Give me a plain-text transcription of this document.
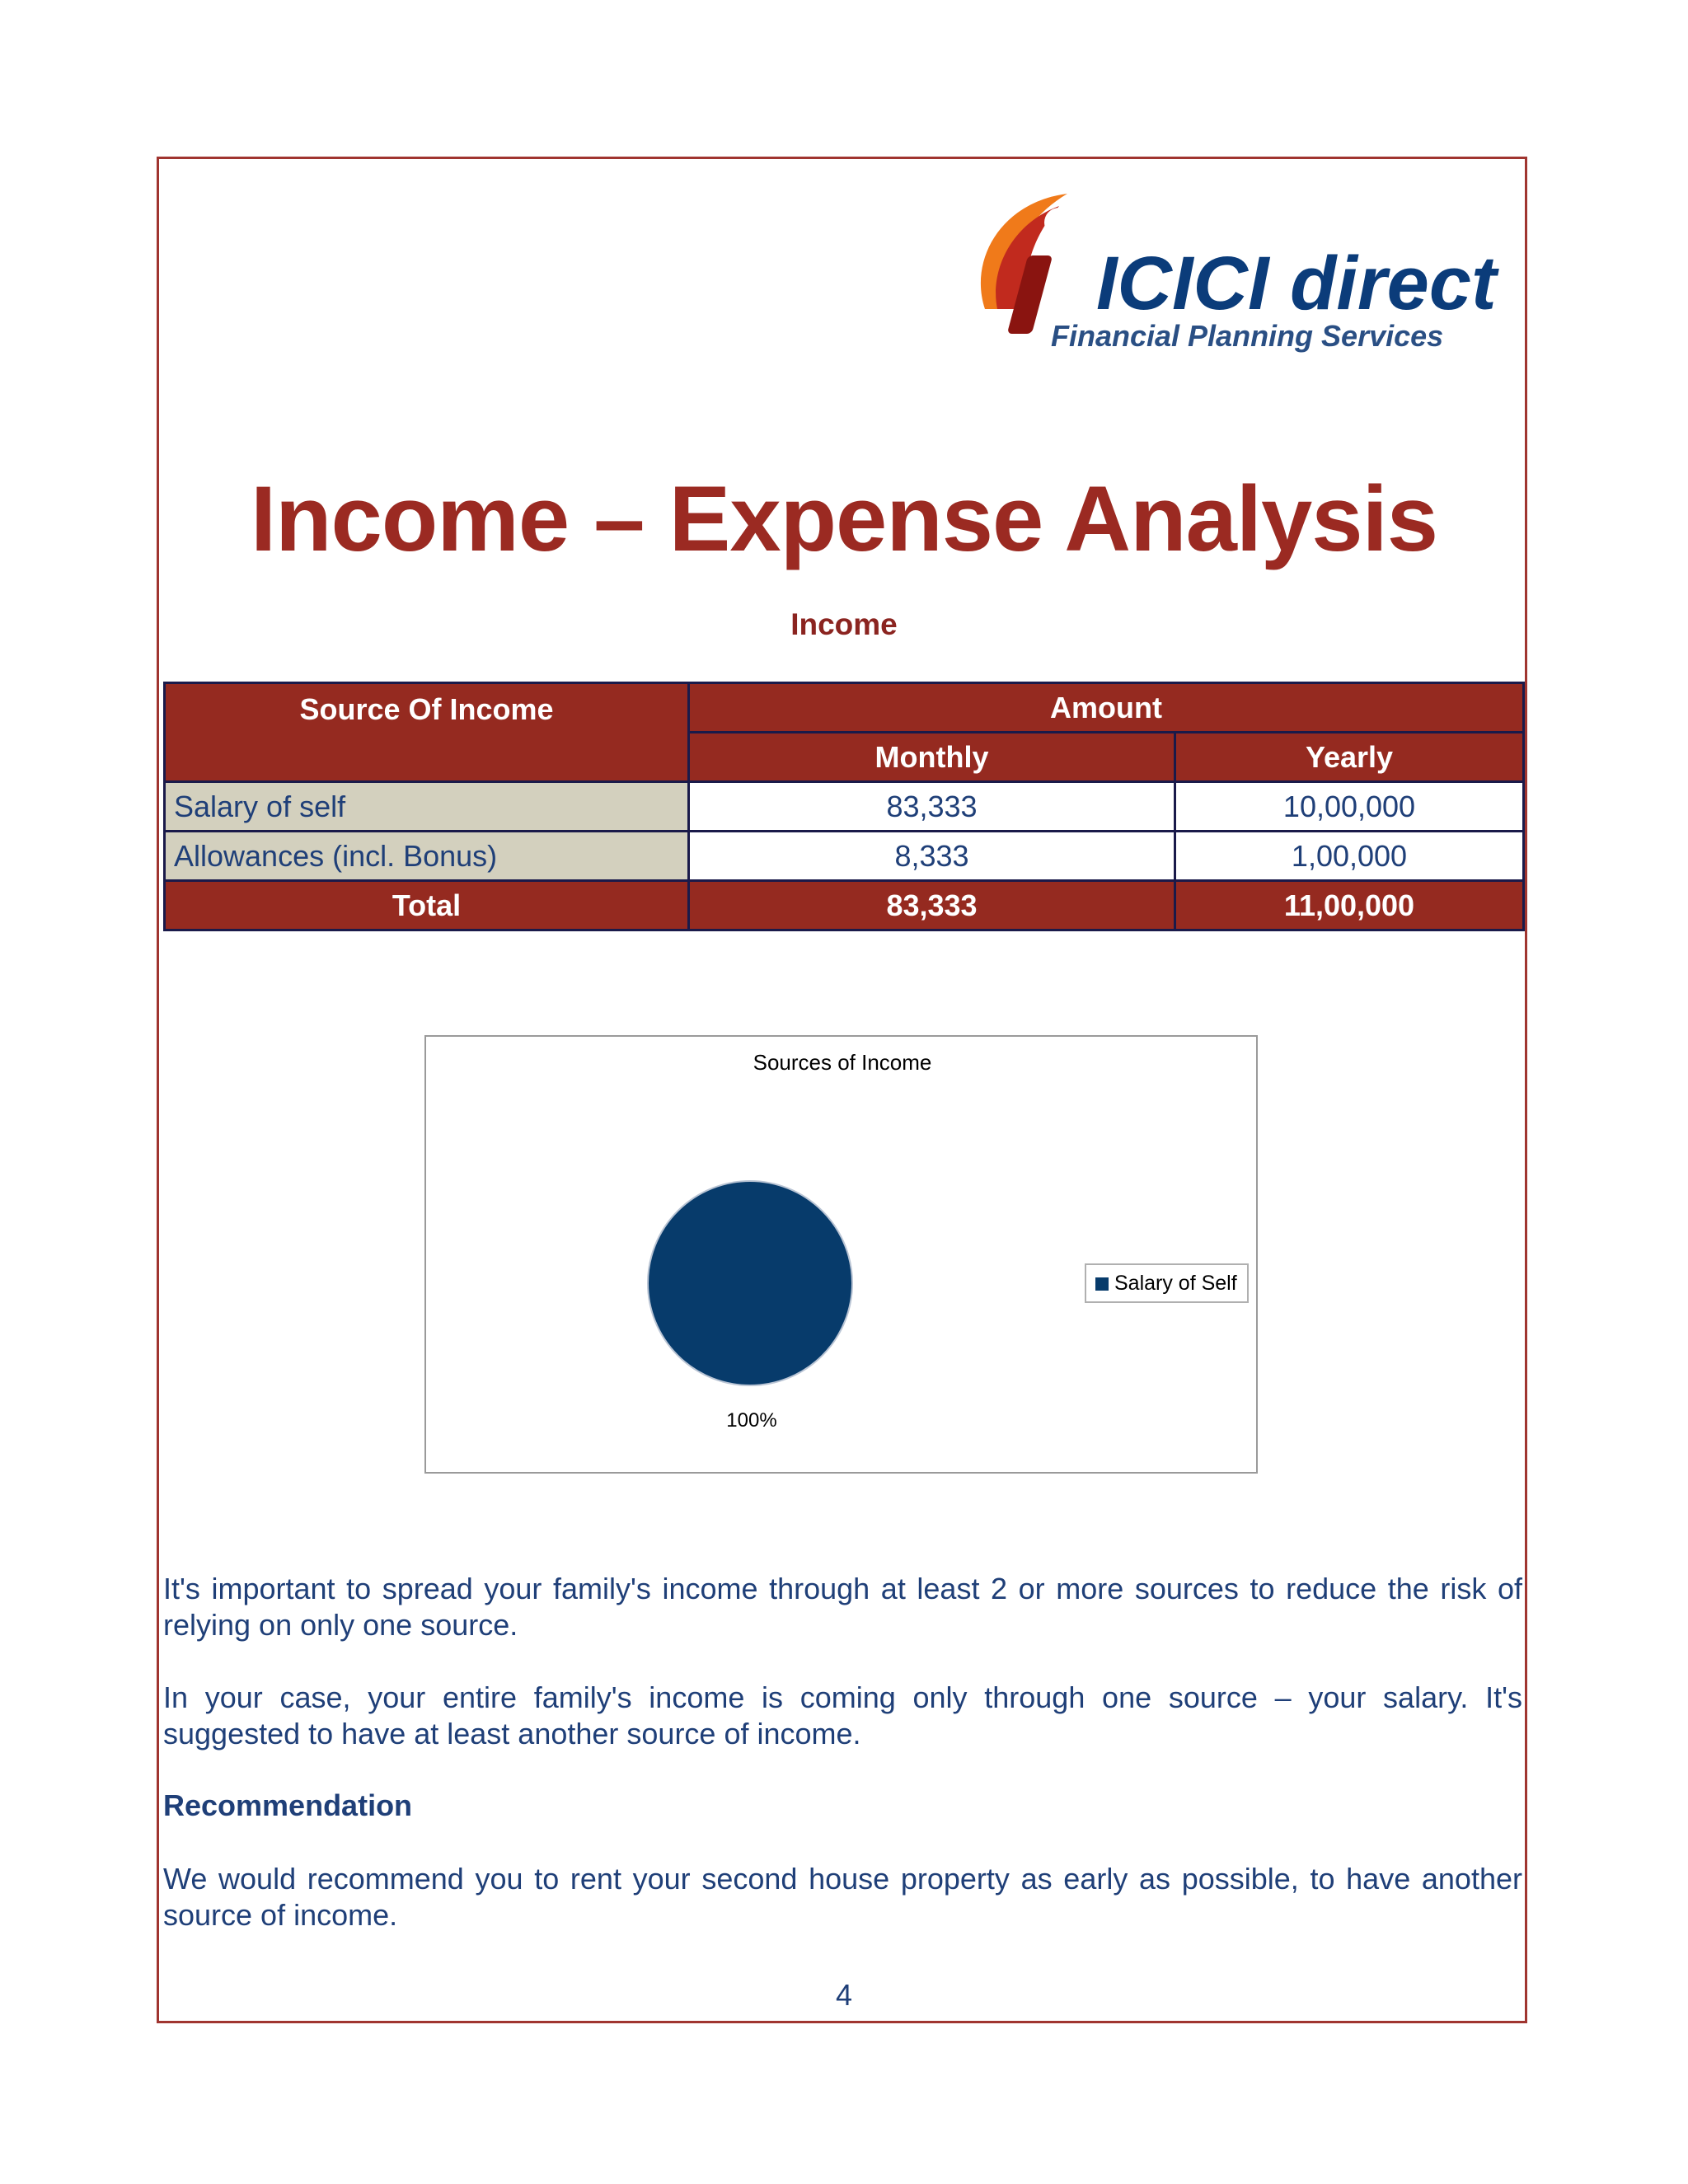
ICICI direct
Financial Planning Services
Income – Expense Analysis
Income
Source Of Income	Amount	
	Monthly	Yearly
Salary of self	83,333	10,00,000
Allowances (incl. Bonus)	8,333	1,00,000
Total	83,333	11,00,000
Sources of Income
100%
Salary of Self

It's important to spread your family's income through at least 2 or more sources to reduce the risk of relying on only one source.

In your case, your entire family's income is coming only through one source – your salary. It's suggested to have at least another source of income.

Recommendation

We would recommend you to rent your second house property as early as possible, to have another source of income.

4
